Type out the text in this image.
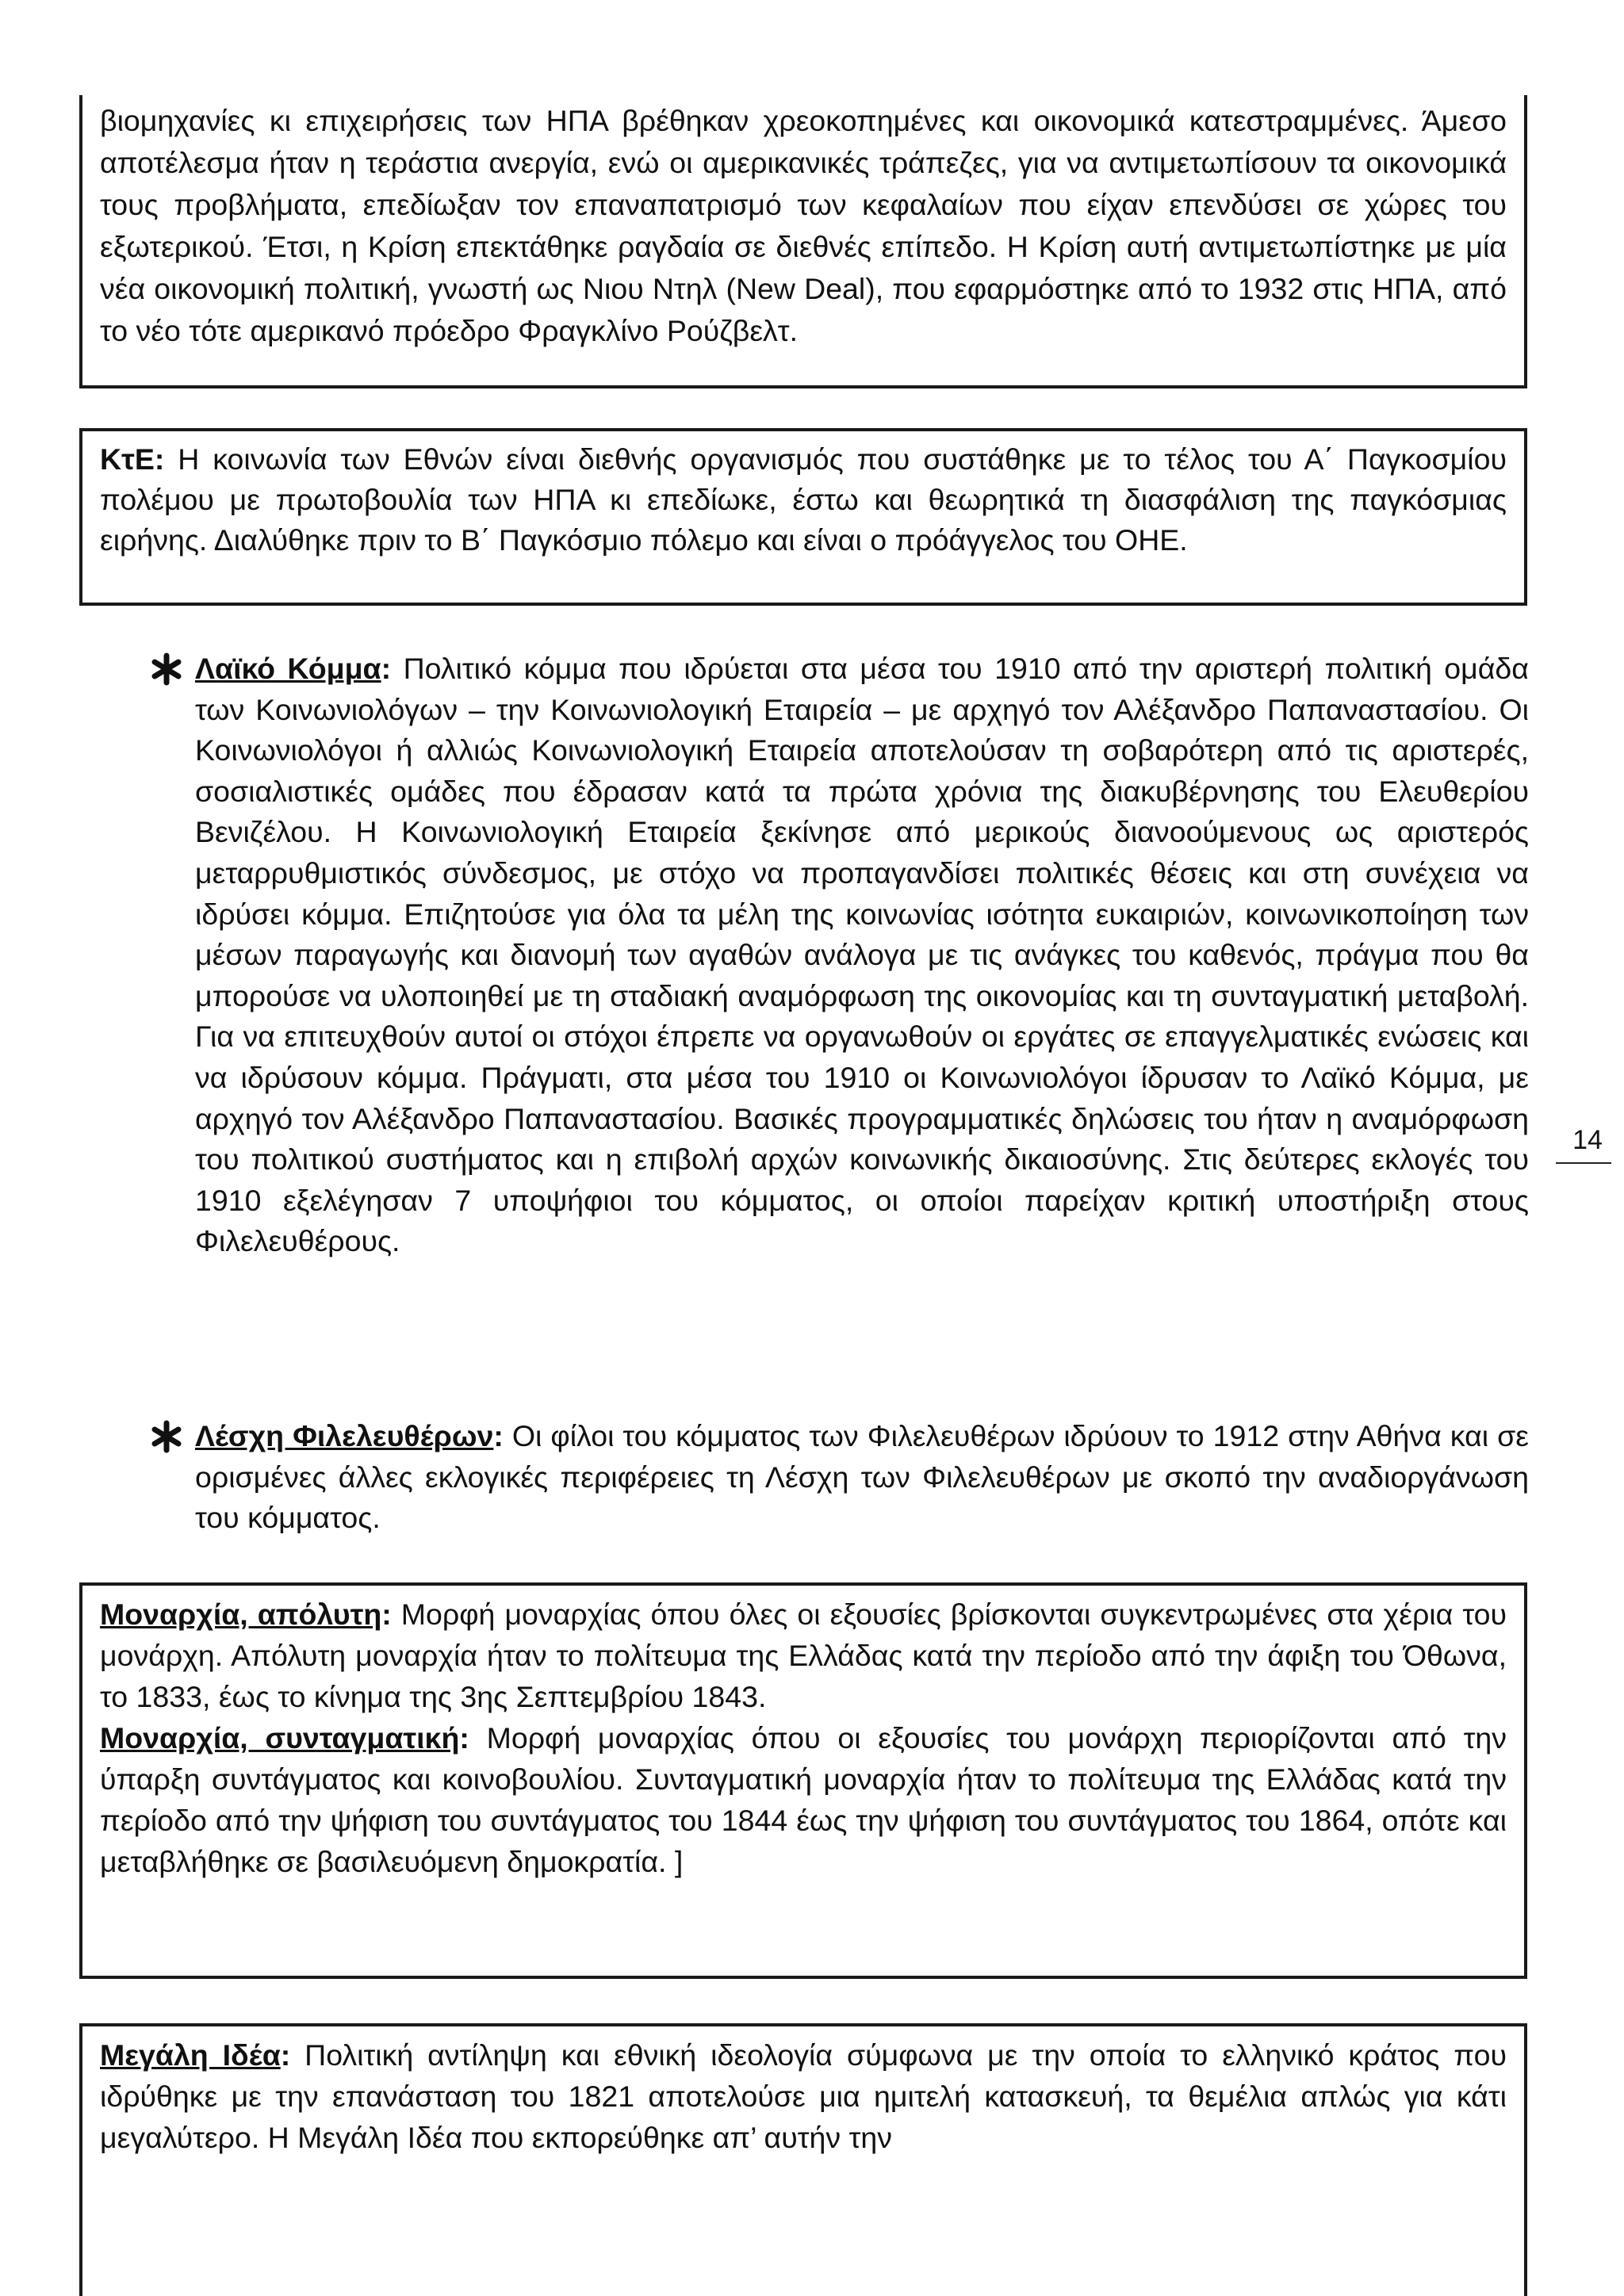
βιομηχανίες κι επιχειρήσεις των ΗΠΑ βρέθηκαν χρεοκοπημένες και οικονομικά κατεστραμμένες. Άμεσο αποτέλεσμα ήταν η τεράστια ανεργία, ενώ οι αμερικανικές τράπεζες, για να αντιμετωπίσουν τα οικονομικά τους προβλήματα, επεδίωξαν τον επαναπατρισμό των κεφαλαίων που είχαν επενδύσει σε χώρες του εξωτερικού. Έτσι, η Κρίση επεκτάθηκε ραγδαία σε διεθνές επίπεδο. Η Κρίση αυτή αντιμετωπίστηκε με μία νέα οικονομική πολιτική, γνωστή ως Νιου Ντηλ (New Deal), που εφαρμόστηκε από το 1932 στις ΗΠΑ, από το νέο τότε αμερικανό πρόεδρο Φραγκλίνο Ρούζβελτ.

ΚτΕ: Η κοινωνία των Εθνών είναι διεθνής οργανισμός που συστάθηκε με το τέλος του Α΄ Παγκοσμίου πολέμου με πρωτοβουλία των ΗΠΑ κι επεδίωκε, έστω και θεωρητικά τη διασφάλιση της παγκόσμιας ειρήνης. Διαλύθηκε πριν το Β΄ Παγκόσμιο πόλεμο και είναι ο πρόάγγελος του ΟΗΕ.

Λαϊκό Κόμμα: Πολιτικό κόμμα που ιδρύεται στα μέσα του 1910 από την αριστερή πολιτική ομάδα των Κοινωνιολόγων – την Κοινωνιολογική Εταιρεία – με αρχηγό τον Αλέξανδρο Παπαναστασίου. Οι Κοινωνιολόγοι ή αλλιώς Κοινωνιολογική Εταιρεία αποτελούσαν τη σοβαρότερη από τις αριστερές, σοσιαλιστικές ομάδες που έδρασαν κατά τα πρώτα χρόνια της διακυβέρνησης του Ελευθερίου Βενιζέλου. Η Κοινωνιολογική Εταιρεία ξεκίνησε από μερικούς διανοούμενους ως αριστερός μεταρρυθμιστικός σύνδεσμος, με στόχο να προπαγανδίσει πολιτικές θέσεις και στη συνέχεια να ιδρύσει κόμμα. Επιζητούσε για όλα τα μέλη της κοινωνίας ισότητα ευκαιριών, κοινωνικοποίηση των μέσων παραγωγής και διανομή των αγαθών ανάλογα με τις ανάγκες του καθενός, πράγμα που θα μπορούσε να υλοποιηθεί με τη σταδιακή αναμόρφωση της οικονομίας και τη συνταγματική μεταβολή. Για να επιτευχθούν αυτοί οι στόχοι έπρεπε να οργανωθούν οι εργάτες σε επαγγελματικές ενώσεις και να ιδρύσουν κόμμα. Πράγματι, στα μέσα του 1910 οι Κοινωνιολόγοι ίδρυσαν το Λαϊκό Κόμμα, με αρχηγό τον Αλέξανδρο Παπαναστασίου. Βασικές προγραμματικές δηλώσεις του ήταν η αναμόρφωση του πολιτικού συστήματος και η επιβολή αρχών κοινωνικής δικαιοσύνης. Στις δεύτερες εκλογές του 1910 εξελέγησαν 7 υποψήφιοι του κόμματος, οι οποίοι παρείχαν κριτική υποστήριξη στους Φιλελευθέρους.

14

Λέσχη Φιλελευθέρων: Οι φίλοι του κόμματος των Φιλελευθέρων ιδρύουν το 1912 στην Αθήνα και σε ορισμένες άλλες εκλογικές περιφέρειες τη Λέσχη των Φιλελευθέρων με σκοπό την αναδιοργάνωση του κόμματος.

Μοναρχία, απόλυτη: Μορφή μοναρχίας όπου όλες οι εξουσίες βρίσκονται συγκεντρωμένες στα χέρια του μονάρχη. Απόλυτη μοναρχία ήταν το πολίτευμα της Ελλάδας κατά την περίοδο από την άφιξη του Όθωνα, το 1833, έως το κίνημα της 3ης Σεπτεμβρίου 1843.

Μοναρχία, συνταγματική: Μορφή μοναρχίας όπου οι εξουσίες του μονάρχη περιορίζονται από την ύπαρξη συντάγματος και κοινοβουλίου. Συνταγματική μοναρχία ήταν το πολίτευμα της Ελλάδας κατά την περίοδο από την ψήφιση του συντάγματος του 1844 έως την ψήφιση του συντάγματος του 1864, οπότε και μεταβλήθηκε σε βασιλευόμενη δημοκρατία. ]

Μεγάλη Ιδέα: Πολιτική αντίληψη και εθνική ιδεολογία σύμφωνα με την οποία το ελληνικό κράτος που ιδρύθηκε με την επανάσταση του 1821 αποτελούσε μια ημιτελή κατασκευή, τα θεμέλια απλώς για κάτι μεγαλύτερο. Η Μεγάλη Ιδέα που εκπορεύθηκε απ’ αυτήν την
